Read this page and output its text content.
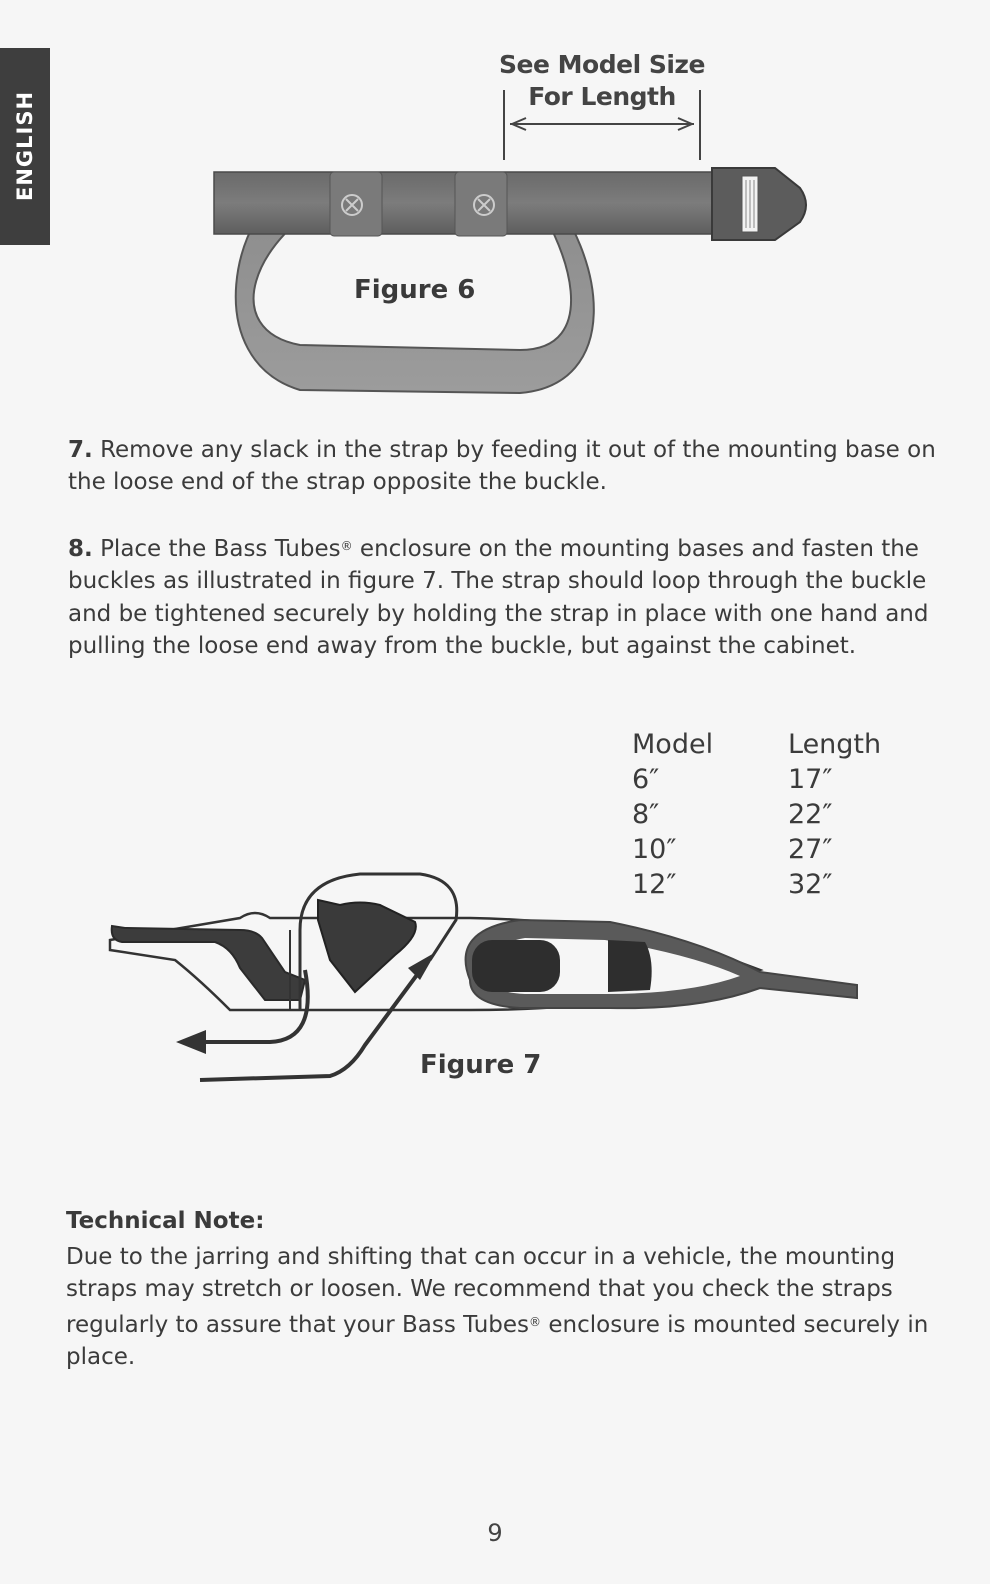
ENGLISH
See Model Size
For Length
Figure 6

7. Remove any slack in the strap by feeding it out of the mounting base on the loose end of the strap opposite the buckle.

8. Place the Bass Tubes® enclosure on the mounting bases and fasten the buckles as illustrated in figure 7. The strap should loop through the buckle and be tightened securely by holding the strap in place with one hand and pulling the loose end away from the buckle, but against the cabinet.

Model
6″
8″
10″
12″
Length
17″
22″
27″
32″
Figure 7
Technical Note:

Due to the jarring and shifting that can occur in a vehicle, the mounting straps may stretch or loosen. We recommend that you check the straps regularly to assure that your Bass Tubes® enclosure is mounted securely in place.

9
